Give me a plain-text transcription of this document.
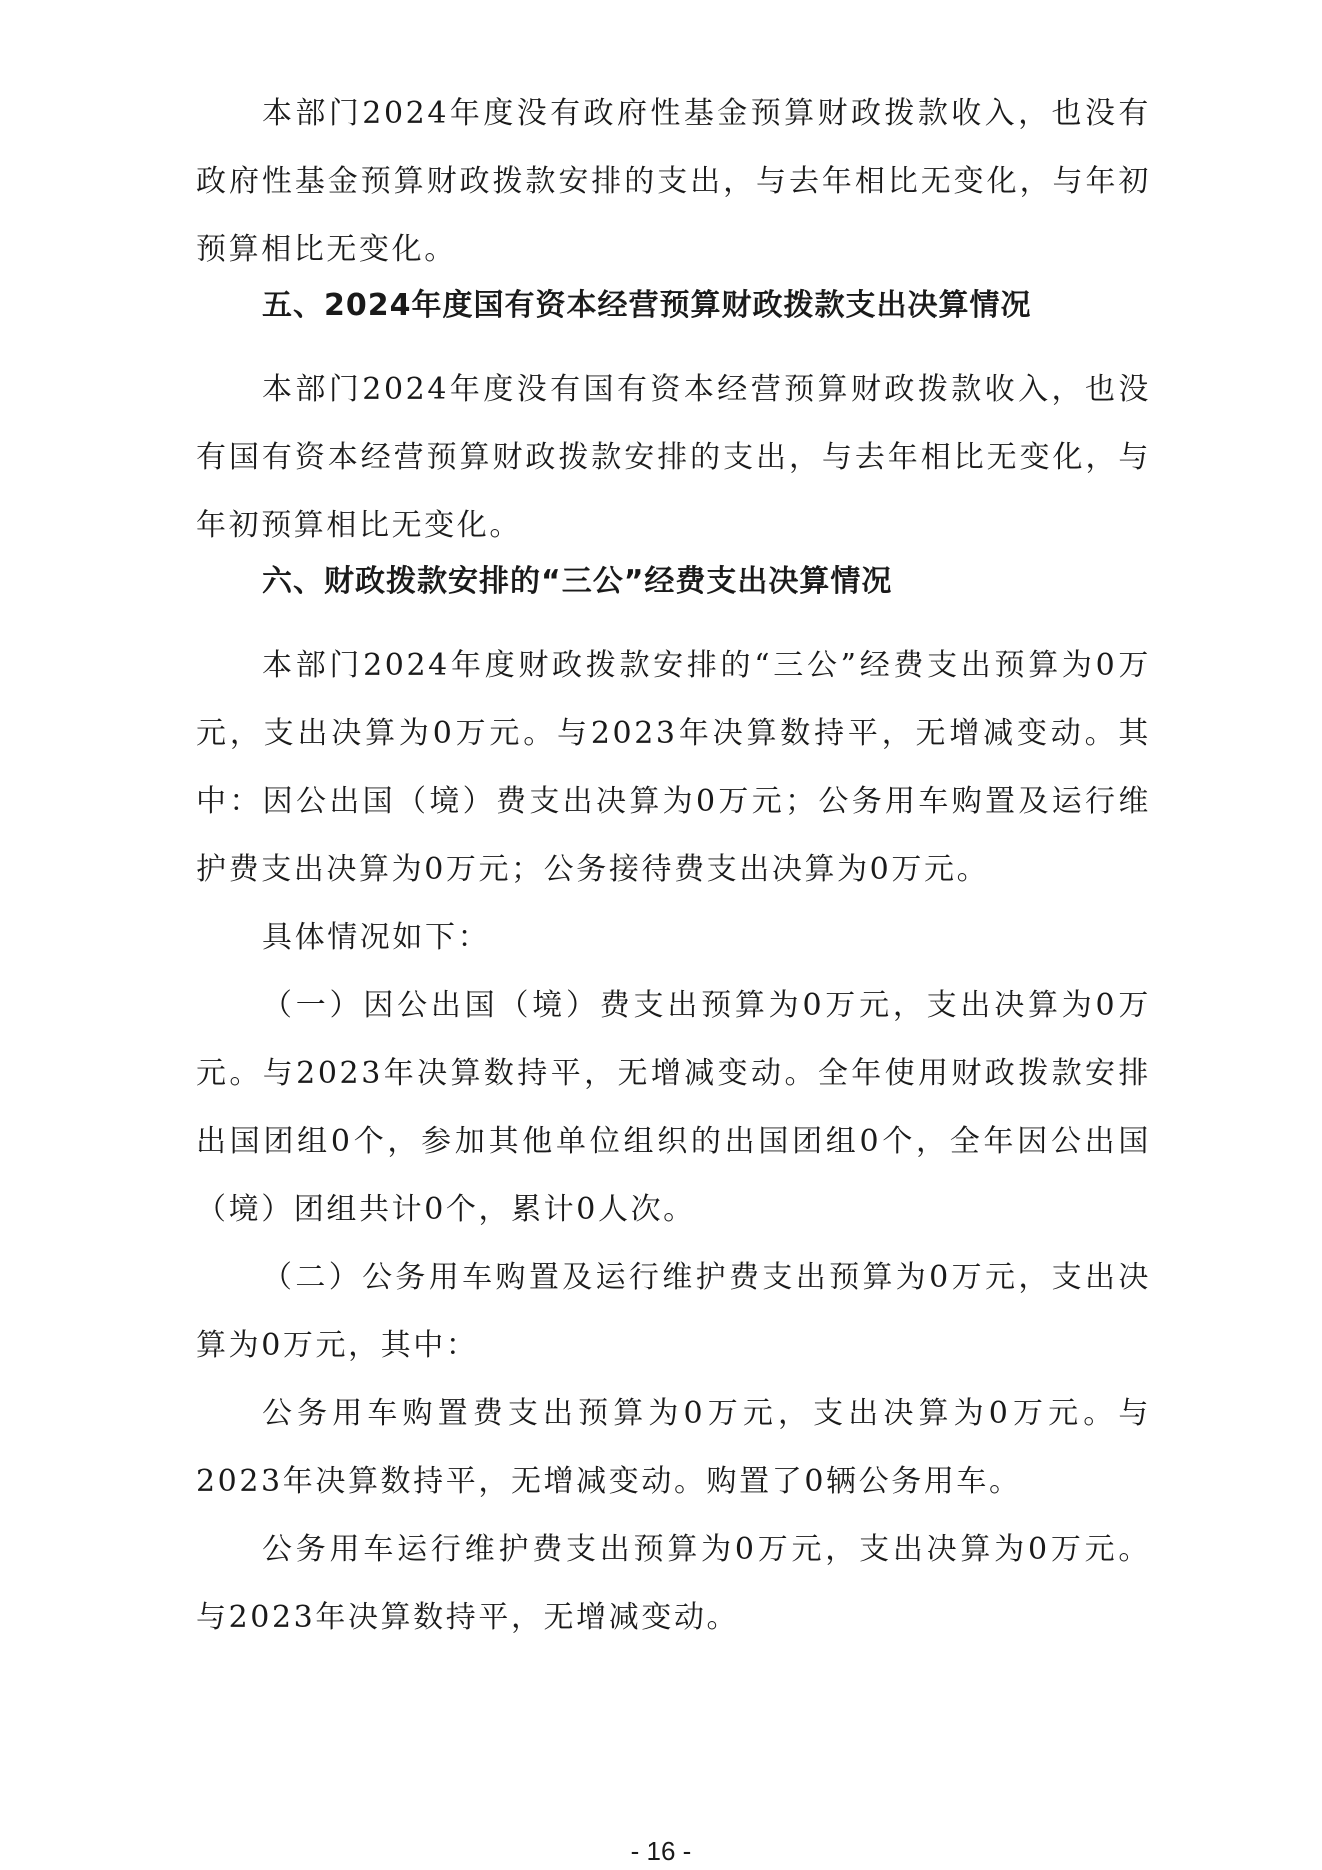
本部门2024年度没有政府性基金预算财政拨款收入，也没有政府性基金预算财政拨款安排的支出，与去年相比无变化，与年初预算相比无变化。

五、2024年度国有资本经营预算财政拨款支出决算情况

本部门2024年度没有国有资本经营预算财政拨款收入，也没有国有资本经营预算财政拨款安排的支出，与去年相比无变化，与年初预算相比无变化。

六、财政拨款安排的“三公”经费支出决算情况

本部门2024年度财政拨款安排的“三公”经费支出预算为0万元，支出决算为0万元。与2023年决算数持平，无增减变动。其中：因公出国（境）费支出决算为0万元；公务用车购置及运行维护费支出决算为0万元；公务接待费支出决算为0万元。

具体情况如下：

（一）因公出国（境）费支出预算为0万元，支出决算为0万元。与2023年决算数持平，无增减变动。全年使用财政拨款安排出国团组0个，参加其他单位组织的出国团组0个，全年因公出国（境）团组共计0个，累计0人次。

（二）公务用车购置及运行维护费支出预算为0万元，支出决算为0万元，其中：

公务用车购置费支出预算为0万元，支出决算为0万元。与2023年决算数持平，无增减变动。购置了0辆公务用车。

公务用车运行维护费支出预算为0万元，支出决算为0万元。与2023年决算数持平，无增减变动。

- 16 -
